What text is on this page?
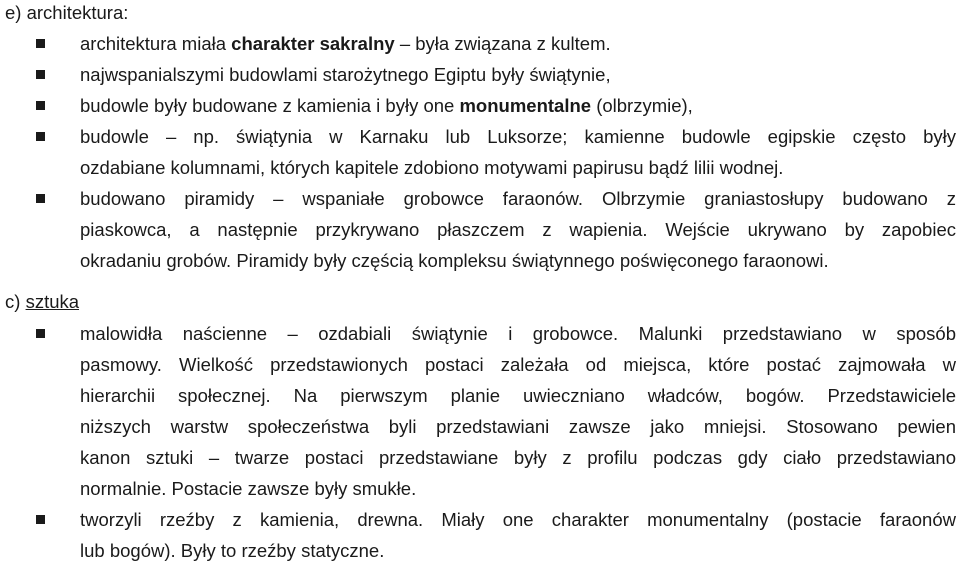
e) architektura:
architektura miała charakter sakralny – była związana z kultem.
najwspanialszymi budowlami starożytnego Egiptu były świątynie,
budowle były budowane z kamienia i były one monumentalne (olbrzymie),
budowle – np. świątynia w Karnaku lub Luksorze; kamienne budowle egipskie często były
ozdabiane kolumnami, których kapitele zdobiono motywami papirusu bądź lilii wodnej.
budowano piramidy – wspaniałe grobowce faraonów. Olbrzymie graniastosłupy budowano z
piaskowca, a następnie przykrywano płaszczem z wapienia. Wejście ukrywano by zapobiec
okradaniu grobów. Piramidy były częścią kompleksu świątynnego poświęconego faraonowi.
c) sztuka
malowidła naścienne – ozdabiali świątynie i grobowce. Malunki przedstawiano w sposób
pasmowy. Wielkość przedstawionych postaci zależała od miejsca, które postać zajmowała w
hierarchii społecznej. Na pierwszym planie uwieczniano władców, bogów. Przedstawiciele
niższych warstw społeczeństwa byli przedstawiani zawsze jako mniejsi. Stosowano pewien
kanon sztuki – twarze postaci przedstawiane były z profilu podczas gdy ciało przedstawiano
normalnie. Postacie zawsze były smukłe.
tworzyli rzeźby z kamienia, drewna. Miały one charakter monumentalny (postacie faraonów
lub bogów). Były to rzeźby statyczne.
